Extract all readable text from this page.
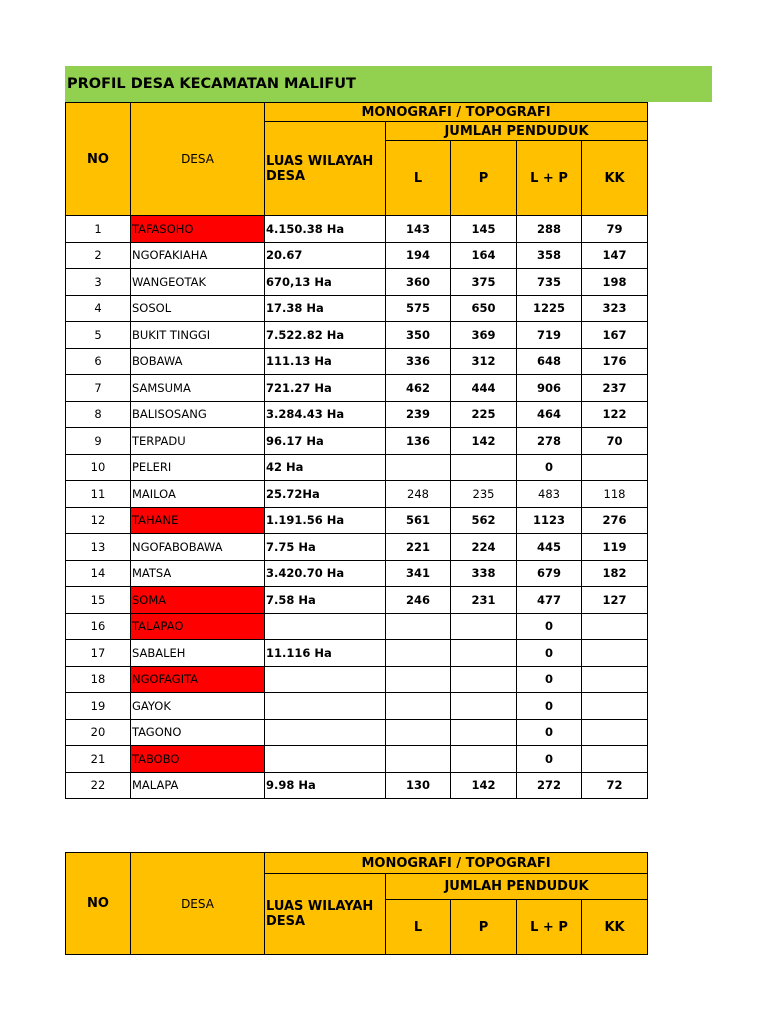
PROFIL DESA KECAMATAN MALIFUT
NO	DESA	MONOGRAFI / TOPOGRAFI				
		LUAS WILAYAH DESA	JUMLAH PENDUDUK			
			L	P	L + P	KK
1	TAFASOHO	4.150.38 Ha	143	145	288	79
2	NGOFAKIAHA	20.67	194	164	358	147
3	WANGEOTAK	670,13 Ha	360	375	735	198
4	SOSOL	17.38 Ha	575	650	1225	323
5	BUKIT TINGGI	7.522.82 Ha	350	369	719	167
6	BOBAWA	111.13 Ha	336	312	648	176
7	SAMSUMA	721.27 Ha	462	444	906	237
8	BALISOSANG	3.284.43 Ha	239	225	464	122
9	TERPADU	96.17 Ha	136	142	278	70
10	PELERI	42 Ha			0	
11	MAILOA	25.72Ha	248	235	483	118
12	TAHANE	1.191.56 Ha	561	562	1123	276
13	NGOFABOBAWA	7.75 Ha	221	224	445	119
14	MATSA	3.420.70 Ha	341	338	679	182
15	SOMA	7.58 Ha	246	231	477	127
16	TALAPAO				0	
17	SABALEH	11.116 Ha			0	
18	NGOFAGITA				0	
19	GAYOK				0	
20	TAGONO				0	
21	TABOBO				0	
22	MALAPA	9.98 Ha	130	142	272	72
NO	DESA	MONOGRAFI / TOPOGRAFI				
		LUAS WILAYAH DESA	JUMLAH PENDUDUK			
			L	P	L + P	KK
